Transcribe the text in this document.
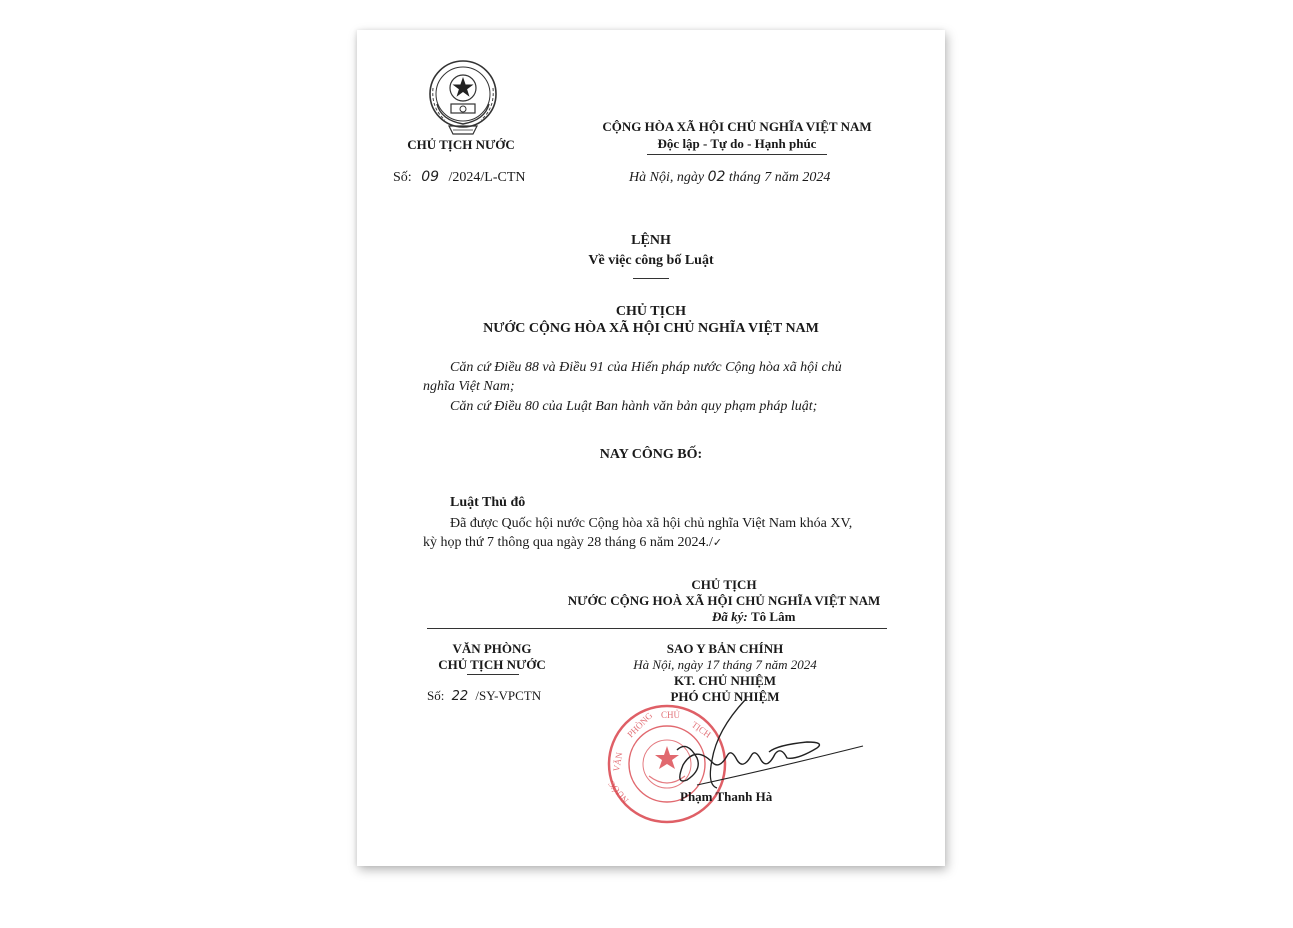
CHỦ TỊCH NƯỚC
Số: 09 /2024/L-CTN
CỘNG HÒA XÃ HỘI CHỦ NGHĨA VIỆT NAM
Độc lập - Tự do - Hạnh phúc
Hà Nội, ngày 02 tháng 7 năm 2024
LỆNH
Về việc công bố Luật
CHỦ TỊCH
NƯỚC CỘNG HÒA XÃ HỘI CHỦ NGHĨA VIỆT NAM
Căn cứ Điều 88 và Điều 91 của Hiến pháp nước Cộng hòa xã hội chủ
nghĩa Việt Nam;
Căn cứ Điều 80 của Luật Ban hành văn bản quy phạm pháp luật;
NAY CÔNG BỐ:
Luật Thủ đô
Đã được Quốc hội nước Cộng hòa xã hội chủ nghĩa Việt Nam khóa XV,
kỳ họp thứ 7 thông qua ngày 28 tháng 6 năm 2024./✓
CHỦ TỊCH
NƯỚC CỘNG HOÀ XÃ HỘI CHỦ NGHĨA VIỆT NAM
Đã ký: Tô Lâm
VĂN PHÒNG
CHỦ TỊCH NƯỚC
Số: 22 /SY-VPCTN
SAO Y BẢN CHÍNH
Hà Nội, ngày 17 tháng 7 năm 2024
KT. CHỦ NHIỆM
PHÓ CHỦ NHIỆM
VĂN
PHÒNG CHỦ
TỊCH
NƯỚC	Phạm Thanh Hà
